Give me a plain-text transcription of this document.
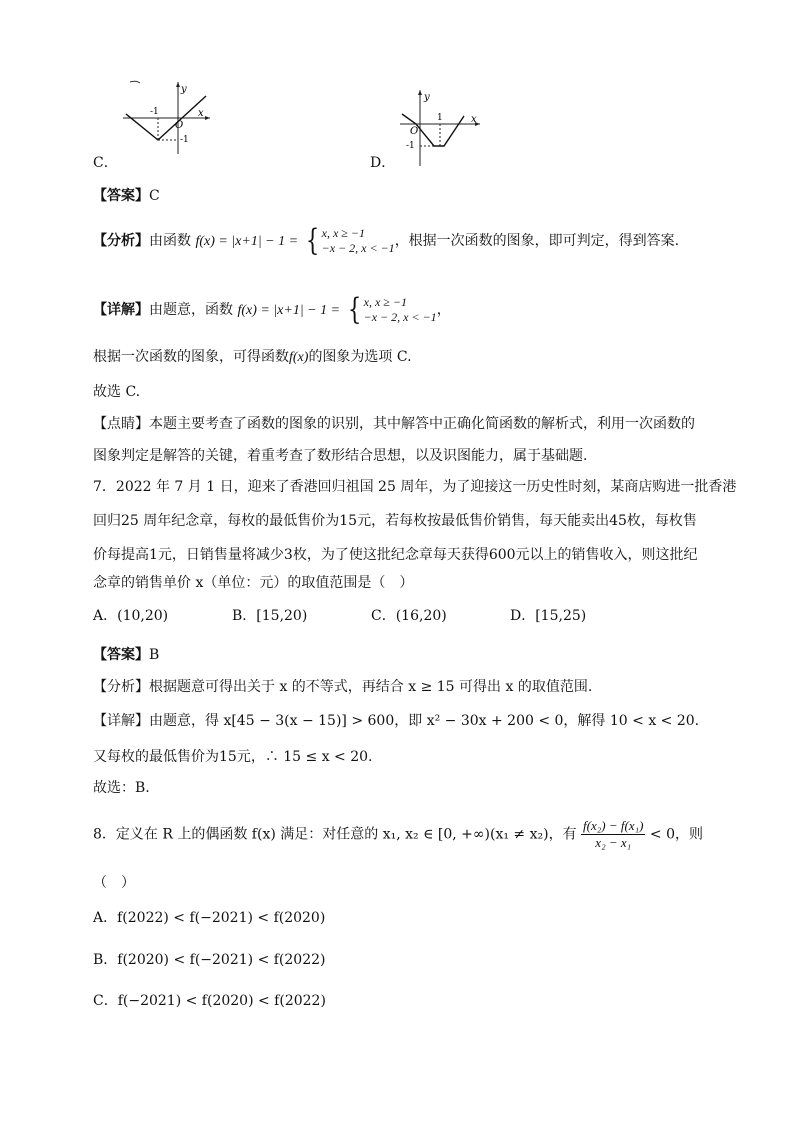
y
x
O
-1
-1
C．
y
x
O
1
-1
D．
【答案】C
【分析】由函数 f(x) = |x+1| − 1 = { x, x ≥ −1
−x − 2, x < −1 ，根据一次函数的图象，即可判定，得到答案.
【详解】由题意，函数 f(x) = |x+1| − 1 = { x, x ≥ −1
−x − 2, x < −1 ，
根据一次函数的图象，可得函数f(x)的图象为选项 C.
故选 C.
【点睛】本题主要考查了函数的图象的识别，其中解答中正确化简函数的解析式，利用一次函数的
图象判定是解答的关键，着重考查了数形结合思想，以及识图能力，属于基础题.
7．2022 年 7 月 1 日，迎来了香港回归祖国 25 周年，为了迎接这一历史性时刻，某商店购进一批香港
回归25 周年纪念章，每枚的最低售价为15元，若每枚按最低售价销售，每天能卖出45枚，每枚售
价每提高1元，日销售量将减少3枚，为了使这批纪念章每天获得600元以上的销售收入，则这批纪
念章的销售单价 x（单位：元）的取值范围是（　）
A．(10,20)	B．[15,20)	C．(16,20)	D．[15,25)
【答案】B
【分析】根据题意可得出关于 x 的不等式，再结合 x ≥ 15 可得出 x 的取值范围.
【详解】由题意，得 x[45 − 3(x − 15)] > 600，即 x² − 30x + 200 < 0，解得 10 < x < 20.
又每枚的最低售价为15元，∴ 15 ≤ x < 20.
故选：B.
8．定义在 R 上的偶函数 f(x) 满足：对任意的 x₁, x₂ ∈ [0, +∞)(x₁ ≠ x₂)，有 $\frac{\text{f(x₂) − f(x₁)}}{\text{x₂ − x₁}} < 0$，则
（　）
A．f(2022) < f(−2021) < f(2020)
B．f(2020) < f(−2021) < f(2022)
C．f(−2021) < f(2020) < f(2022)
